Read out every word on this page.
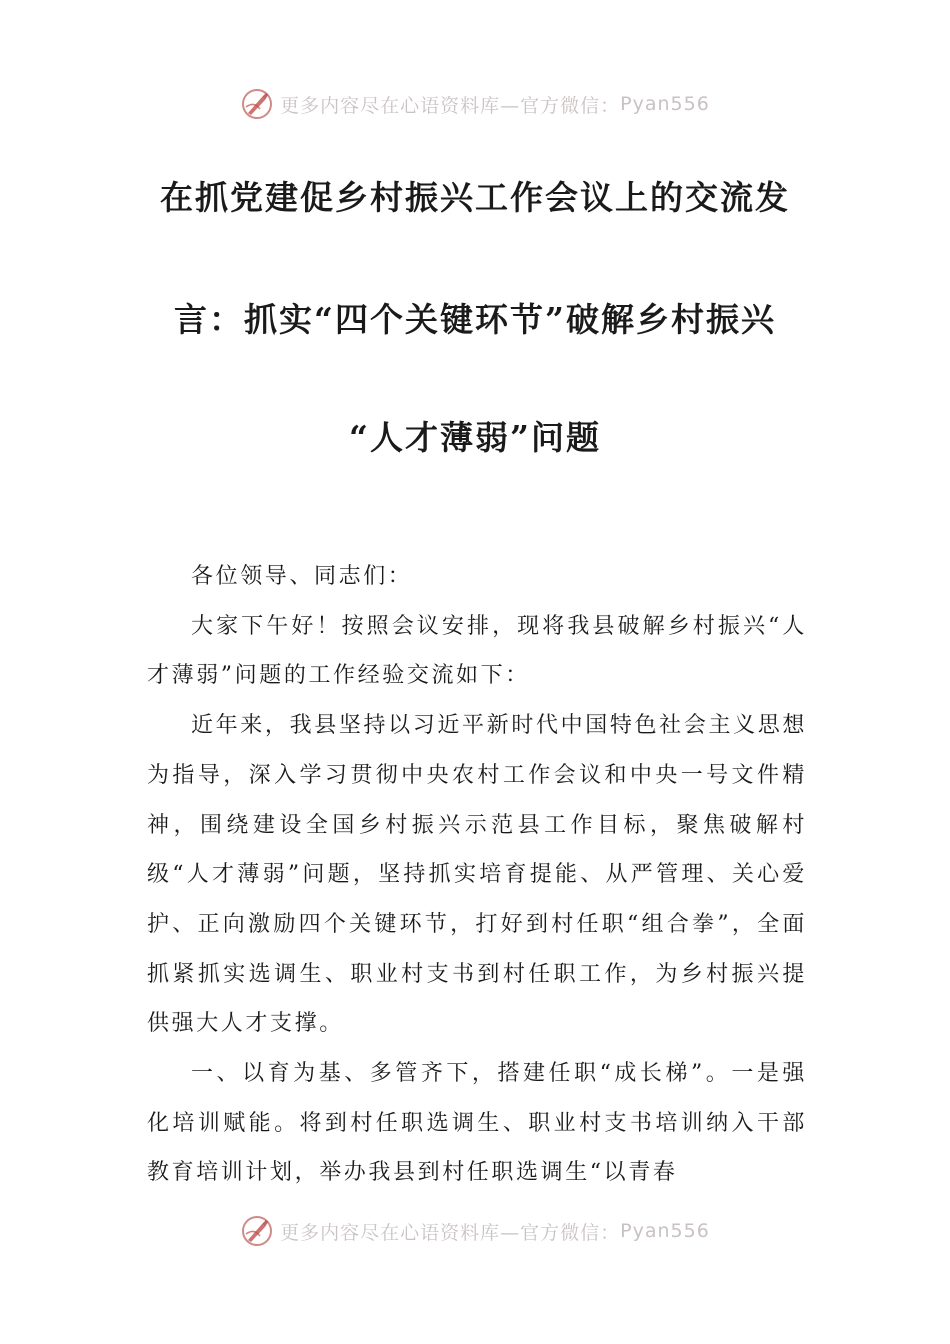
更多内容尽在心语资料库—官方微信： Pyan556
在抓党建促乡村振兴工作会议上的交流发
言：抓实“四个关键环节”破解乡村振兴
“人才薄弱”问题

各位领导、同志们：

大家下午好！按照会议安排，现将我县破解乡村振兴“人才薄弱”问题的工作经验交流如下：

近年来，我县坚持以习近平新时代中国特色社会主义思想为指导，深入学习贯彻中央农村工作会议和中央一号文件精神，围绕建设全国乡村振兴示范县工作目标，聚焦破解村级“人才薄弱”问题，坚持抓实培育提能、从严管理、关心爱护、正向激励四个关键环节，打好到村任职“组合拳”，全面抓紧抓实选调生、职业村支书到村任职工作，为乡村振兴提供强大人才支撑。

一、以育为基、多管齐下，搭建任职“成长梯”。一是强化培训赋能。将到村任职选调生、职业村支书培训纳入干部教育培训计划，举办我县到村任职选调生“以青春

更多内容尽在心语资料库—官方微信： Pyan556
